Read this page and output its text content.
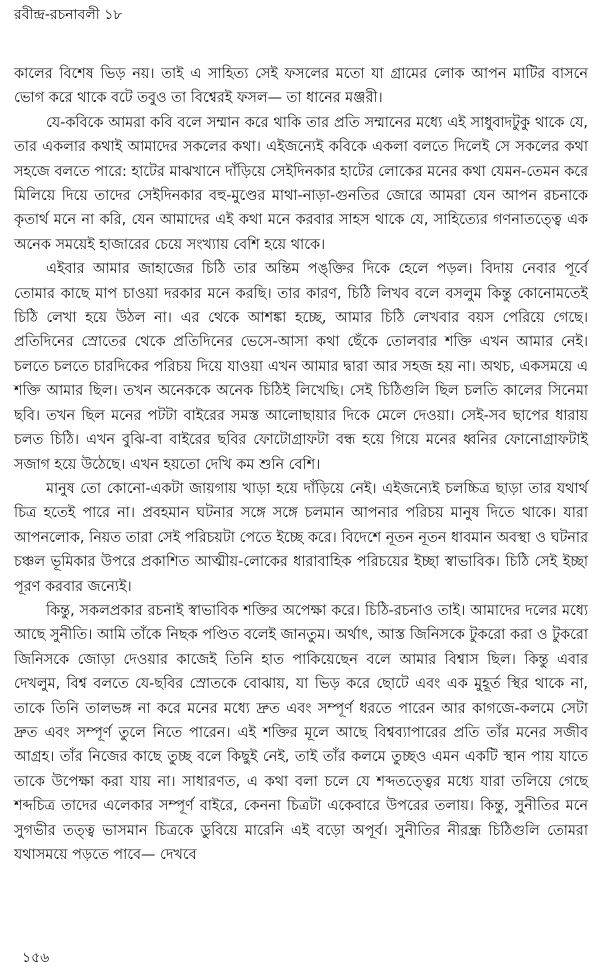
রবীন্দ্র-রচনাবলী ১৮

কালের বিশেষ ভিড় নয়। তাই এ সাহিত্য সেই ফসলের মতো যা গ্রামের লোক আপন মাটির বাসনে ভোগ করে থাকে বটে তবুও তা বিশ্বেরই ফসল— তা ধানের মঞ্জরী।

যে-কবিকে আমরা কবি বলে সম্মান করে থাকি তার প্রতি সম্মানের মধ্যে এই সাধুবাদটুকু থাকে যে, তার একলার কথাই আমাদের সকলের কথা। এইজন্যেই কবিকে একলা বলতে দিলেই সে সকলের কথা সহজে বলতে পারে: হাটের মাঝখানে দাঁড়িয়ে সেইদিনকার হাটের লোকের মনের কথা যেমন-তেমন করে মিলিয়ে দিয়ে তাদের সেইদিনকার বহু-মুণ্ডের মাথা-নাড়া-গুনতির জোরে আমরা যেন আপন রচনাকে কৃতার্থ মনে না করি, যেন আমাদের এই কথা মনে করবার সাহস থাকে যে, সাহিত্যের গণনাতত্ত্বে এক অনেক সময়েই হাজারের চেয়ে সংখ্যায় বেশি হয়ে থাকে।

এইবার আমার জাহাজের চিঠি তার অন্তিম পঙ্‌ক্তির দিকে হেলে পড়ল। বিদায় নেবার পূর্বে তোমার কাছে মাপ চাওয়া দরকার মনে করছি। তার কারণ, চিঠি লিখব বলে বসলুম কিন্তু কোনোমতেই চিঠি লেখা হয়ে উঠল না। এর থেকে আশঙ্কা হচ্ছে, আমার চিঠি লেখবার বয়স পেরিয়ে গেছে। প্রতিদিনের স্রোতের থেকে প্রতিদিনের ভেসে-আসা কথা ছেঁকে তোলবার শক্তি এখন আমার নেই। চলতে চলতে চারদিকের পরিচয় দিয়ে যাওয়া এখন আমার দ্বারা আর সহজ হয় না। অথচ, একসময়ে এ শক্তি আমার ছিল। তখন অনেককে অনেক চিঠিই লিখেছি। সেই চিঠিগুলি ছিল চলতি কালের সিনেমা ছবি। তখন ছিল মনের পটটা বাইরের সমস্ত আলোছায়ার দিকে মেলে দেওয়া। সেই-সব ছাপের ধারায় চলত চিঠি। এখন বুঝি-বা বাইরের ছবির ফোটোগ্রাফটা বন্ধ হয়ে গিয়ে মনের ধ্বনির ফোনোগ্রাফটাই সজাগ হয়ে উঠেছে। এখন হয়তো দেখি কম শুনি বেশি।

মানুষ তো কোনো-একটা জায়গায় খাড়া হয়ে দাঁড়িয়ে নেই। এইজন্যেই চলচ্চিত্র ছাড়া তার যথার্থ চিত্র হতেই পারে না। প্রবহমান ঘটনার সঙ্গে সঙ্গে চলমান আপনার পরিচয় মানুষ দিতে থাকে। যারা আপনলোক, নিয়ত তারা সেই পরিচয়টা পেতে ইচ্ছে করে। বিদেশে নূতন নূতন ধাবমান অবস্থা ও ঘটনার চঞ্চল ভূমিকার উপরে প্রকাশিত আত্মীয়-লোকের ধারাবাহিক পরিচয়ের ইচ্ছা স্বাভাবিক। চিঠি সেই ইচ্ছা পূরণ করবার জন্যেই।

কিন্তু, সকলপ্রকার রচনাই স্বাভাবিক শক্তির অপেক্ষা করে। চিঠি-রচনাও তাই। আমাদের দলের মধ্যে আছে সুনীতি। আমি তাঁকে নিছক পণ্ডিত বলেই জানতুম। অর্থাৎ, আস্ত জিনিসকে টুকরো করা ও টুকরো জিনিসকে জোড়া দেওয়ার কাজেই তিনি হাত পাকিয়েছেন বলে আমার বিশ্বাস ছিল। কিন্তু এবার দেখলুম, বিশ্ব বলতে যে-ছবির স্রোতকে বোঝায়, যা ভিড় করে ছোটে এবং এক মুহূর্ত স্থির থাকে না, তাকে তিনি তালভঙ্গ না করে মনের মধ্যে দ্রুত এবং সম্পূর্ণ ধরতে পারেন আর কাগজে-কলমে সেটা দ্রুত এবং সম্পূর্ণ তুলে নিতে পারেন। এই শক্তির মূলে আছে বিশ্বব্যাপারের প্রতি তাঁর মনের সজীব আগ্রহ। তাঁর নিজের কাছে তুচ্ছ বলে কিছুই নেই, তাই তাঁর কলমে তুচ্ছও এমন একটি স্থান পায় যাতে তাকে উপেক্ষা করা যায় না। সাধারণত, এ কথা বলা চলে যে শব্দতত্ত্বের মধ্যে যারা তলিয়ে গেছে শব্দচিত্র তাদের এলেকার সম্পূর্ণ বাইরে, কেননা চিত্রটা একেবারে উপরের তলায়। কিন্তু, সুনীতির মনে সুগভীর তত্ত্ব ভাসমান চিত্রকে ডুবিয়ে মারেনি এই বড়ো অপূর্ব। সুনীতির নীরন্ধ্র চিঠিগুলি তোমরা যথাসময়ে পড়তে পাবে— দেখবে

১৫৬
